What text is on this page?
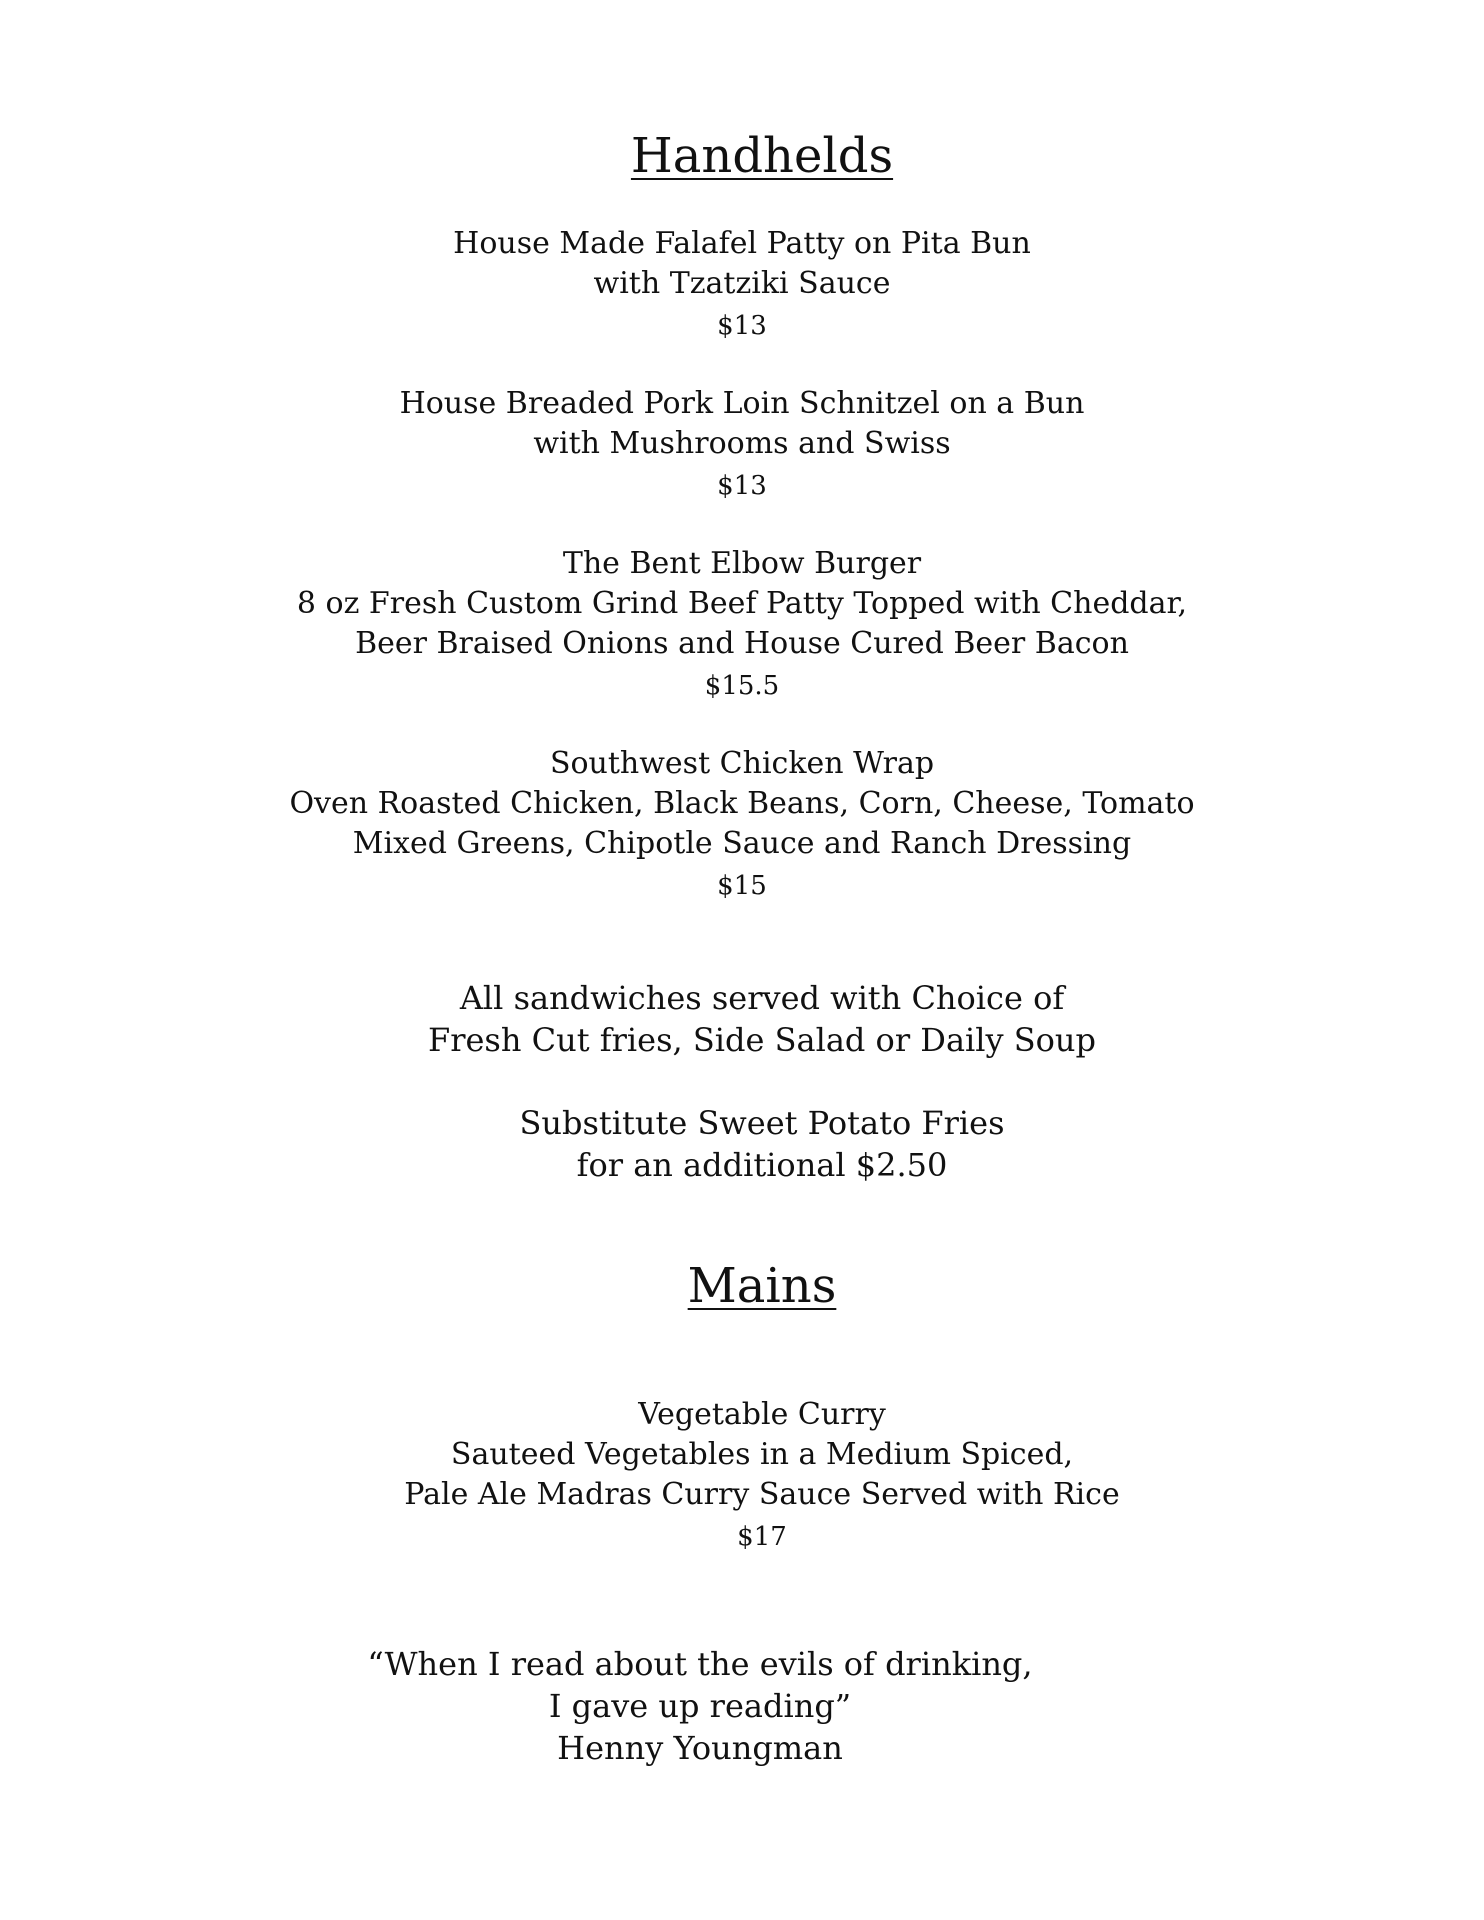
Handhelds
House Made Falafel Patty on Pita Bun
with Tzatziki Sauce
$13
House Breaded Pork Loin Schnitzel on a Bun
with Mushrooms and Swiss
$13
The Bent Elbow Burger
8 oz Fresh Custom Grind Beef Patty Topped with Cheddar,
Beer Braised Onions and House Cured Beer Bacon
$15.5
Southwest Chicken Wrap
Oven Roasted Chicken, Black Beans, Corn, Cheese, Tomato
Mixed Greens, Chipotle Sauce and Ranch Dressing
$15
All sandwiches served with Choice of
Fresh Cut fries, Side Salad or Daily Soup
Substitute Sweet Potato Fries
for an additional $2.50
Mains
Vegetable Curry
Sauteed Vegetables in a Medium Spiced,
Pale Ale Madras Curry Sauce Served with Rice
$17
“When I read about the evils of drinking,
I gave up reading”
Henny Youngman
